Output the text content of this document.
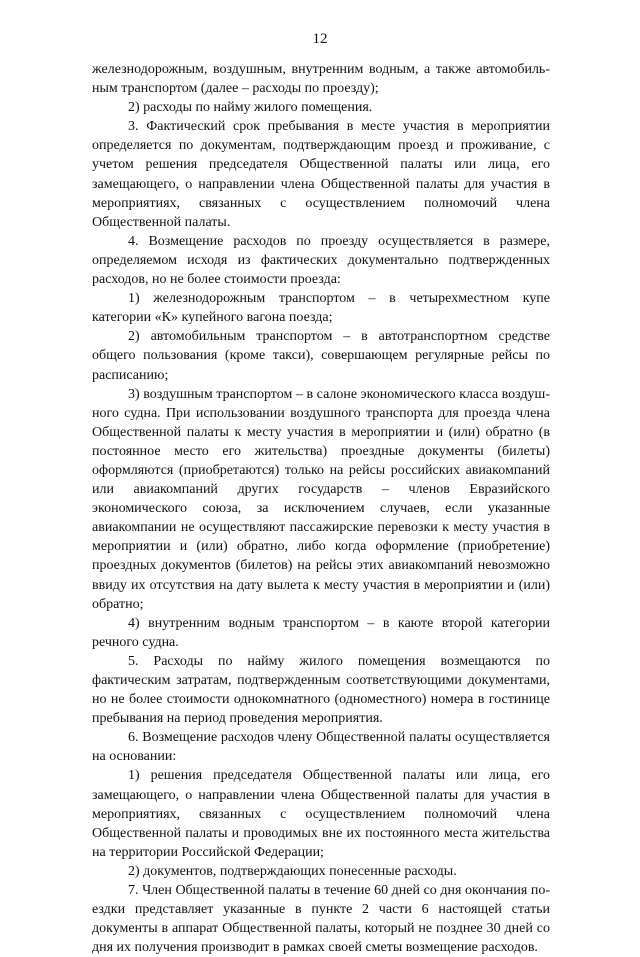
12

железнодорожным, воздушным, внутренним водным, а также автомобильным транспортом (далее – расходы по проезду);

2) расходы по найму жилого помещения.

3. Фактический срок пребывания в месте участия в мероприятии определяется по документам, подтверждающим проезд и проживание, с учетом решения председателя Общественной палаты или лица, его замещающего, о направлении члена Общественной палаты для участия в мероприятиях, связанных с осуществлением полномочий члена Общественной палаты.

4. Возмещение расходов по проезду осуществляется в размере, определяемом исходя из фактических документально подтвержденных расходов, но не более стоимости проезда:

1) железнодорожным транспортом – в четырехместном купе категории «К» купейного вагона поезда;

2) автомобильным транспортом – в автотранспортном средстве общего пользования (кроме такси), совершающем регулярные рейсы по расписанию;

3) воздушным транспортом – в салоне экономического класса воздушного судна. При использовании воздушного транспорта для проезда члена Общественной палаты к месту участия в мероприятии и (или) обратно (в постоянное место его жительства) проездные документы (билеты) оформляются (приобретаются) только на рейсы российских авиакомпаний или авиакомпаний других государств – членов Евразийского экономического союза, за исключением случаев, если указанные авиакомпании не осуществляют пассажирские перевозки к месту участия в мероприятии и (или) обратно, либо когда оформление (приобретение) проездных документов (билетов) на рейсы этих авиакомпаний невозможно ввиду их отсутствия на дату вылета к месту участия в мероприятии и (или) обратно;

4) внутренним водным транспортом – в каюте второй категории речного судна.

5. Расходы по найму жилого помещения возмещаются по фактическим затратам, подтвержденным соответствующими документами, но не более стоимости однокомнатного (одноместного) номера в гостинице пребывания на период проведения мероприятия.

6. Возмещение расходов члену Общественной палаты осуществляется на основании:

1) решения председателя Общественной палаты или лица, его замещающего, о направлении члена Общественной палаты для участия в мероприятиях, связанных с осуществлением полномочий члена Общественной палаты и проводимых вне их постоянного места жительства на территории Российской Федерации;

2) документов, подтверждающих понесенные расходы.

7. Член Общественной палаты в течение 60 дней со дня окончания поездки представляет указанные в пункте 2 части 6 настоящей статьи документы в аппарат Общественной палаты, который не позднее 30 дней со дня их получения производит в рамках своей сметы возмещение расходов.
